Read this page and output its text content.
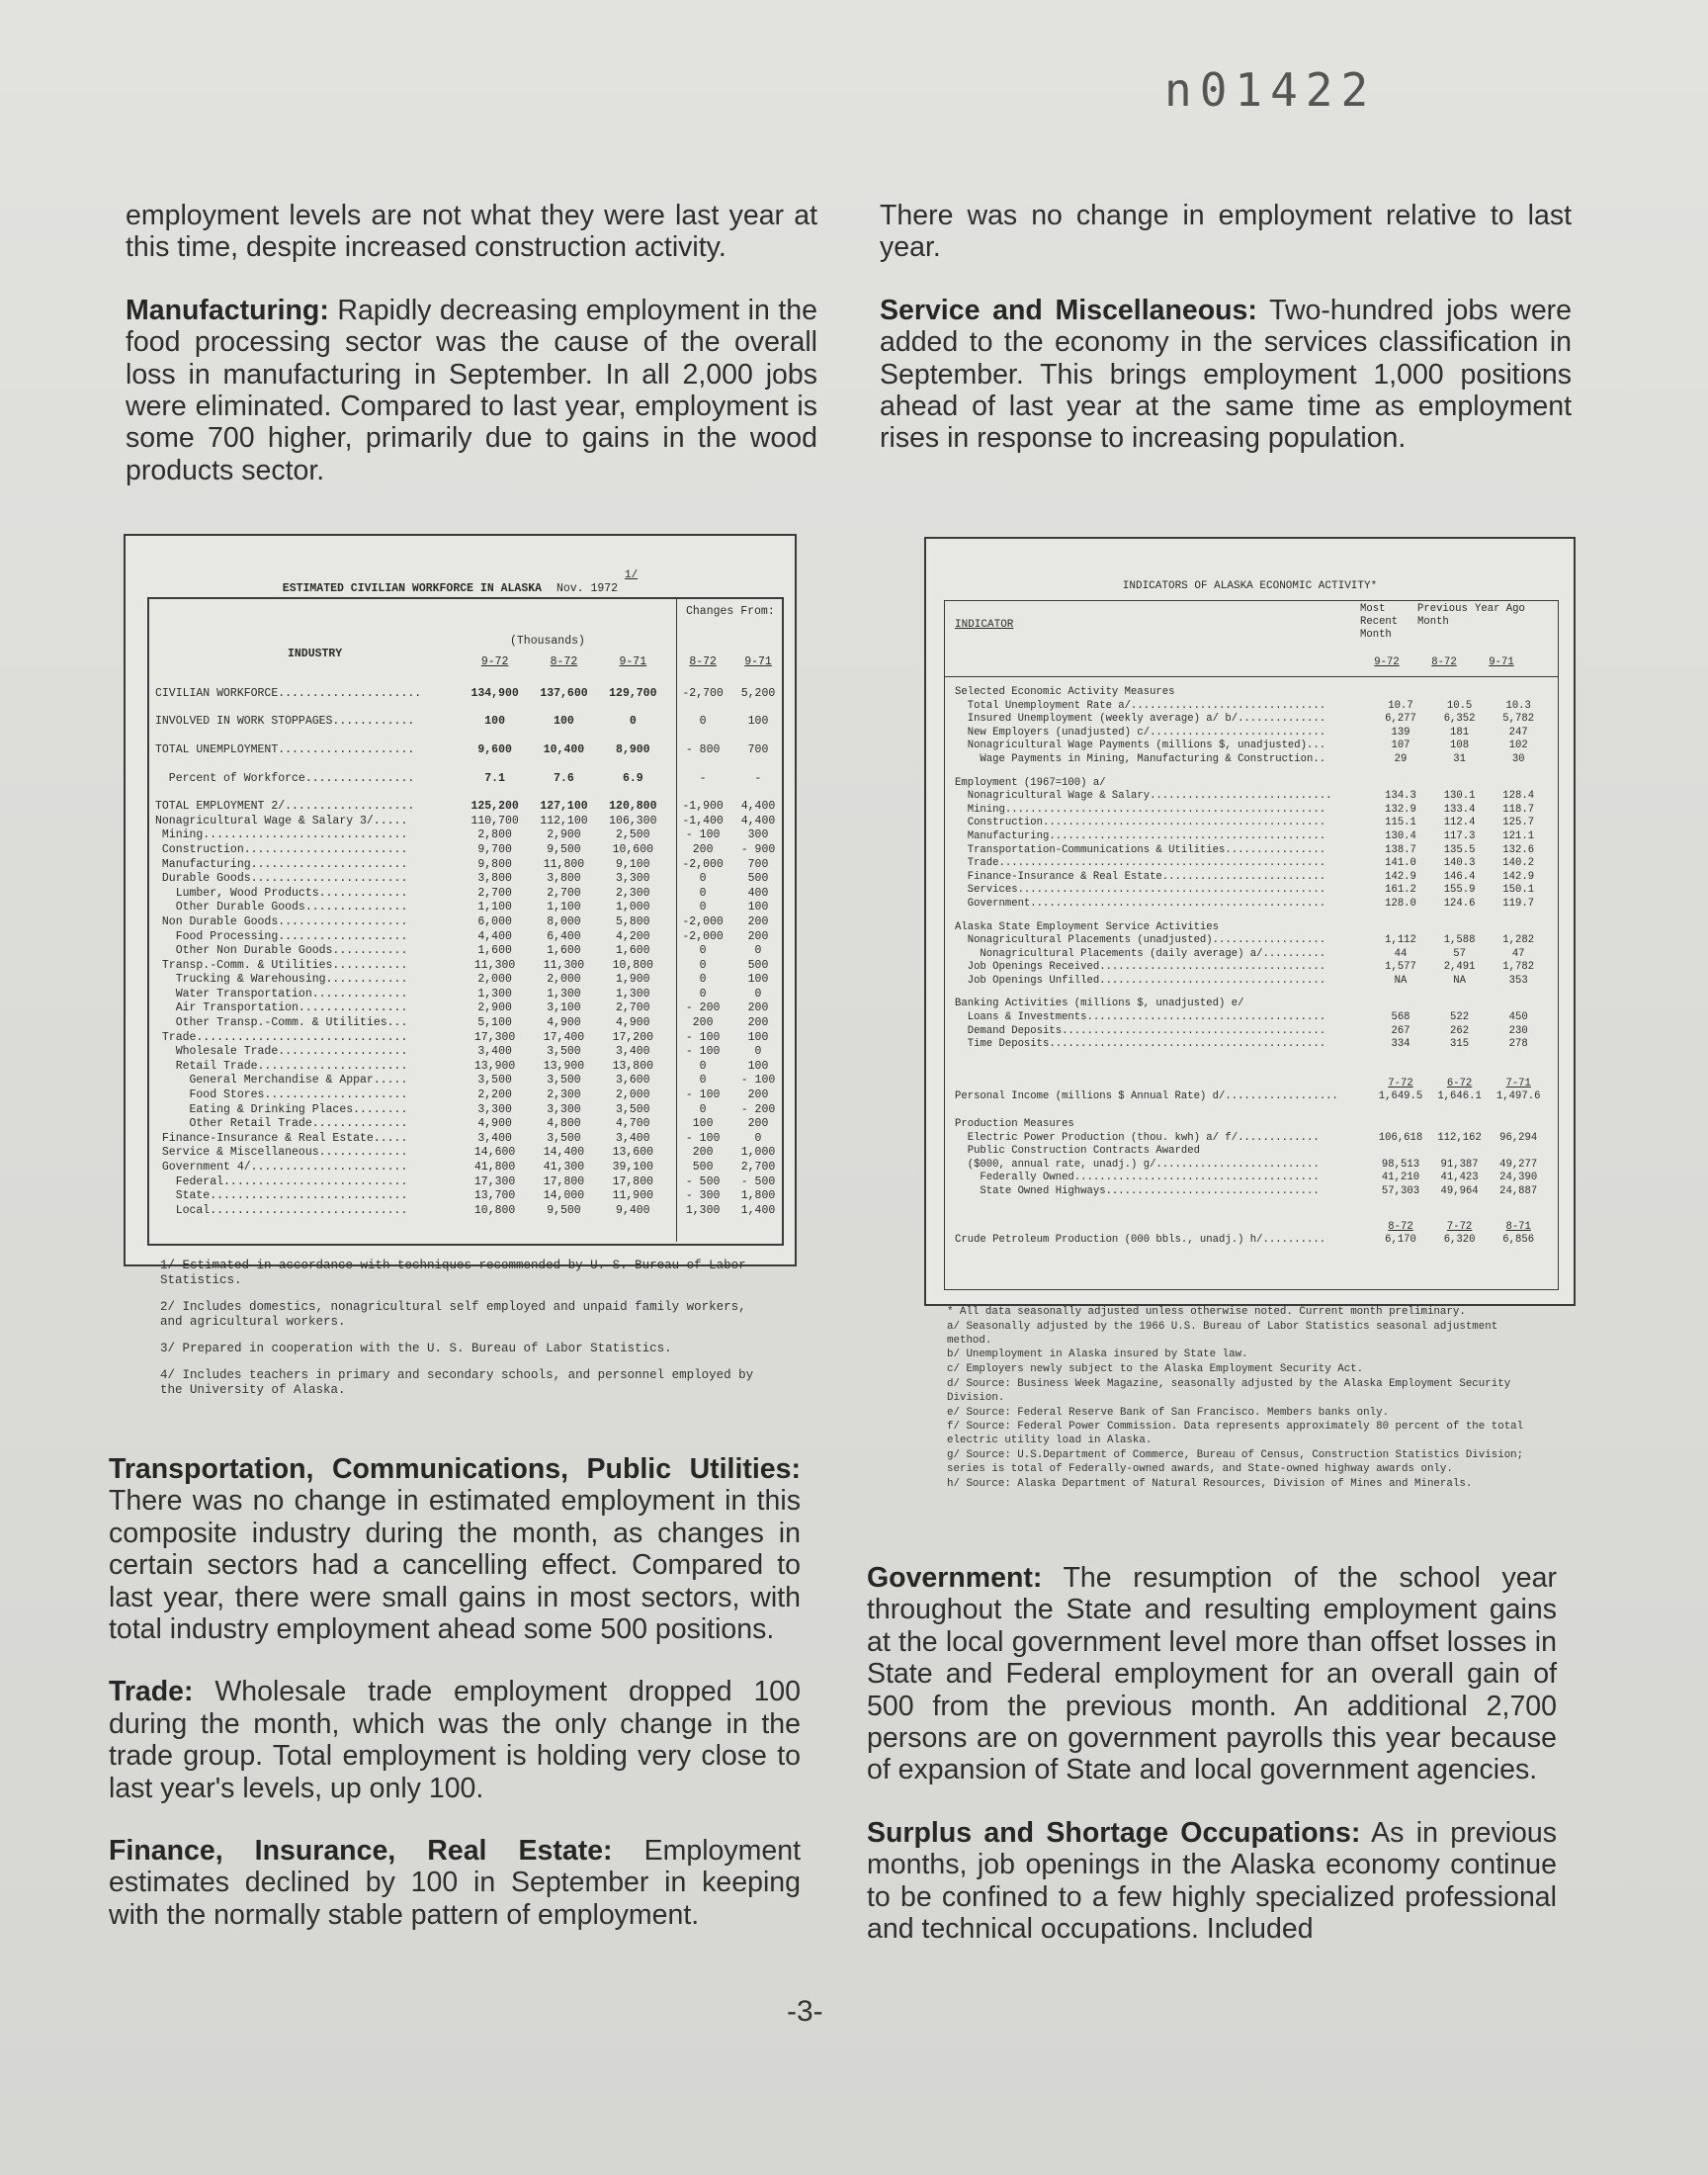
n01422

employment levels are not what they were last year at this time, despite increased construction activity.

Manufacturing: Rapidly decreasing employment in the food processing sector was the cause of the overall loss in manufacturing in September. In all 2,000 jobs were eliminated. Compared to last year, employment is some 700 higher, primarily due to gains in the wood products sector.

There was no change in employment relative to last year.

Service and Miscellaneous: Two-hundred jobs were added to the economy in the services classification in September. This brings employment 1,000 positions ahead of last year at the same time as employment rises in response to increasing population.

ESTIMATED CIVILIAN WORKFORCE IN ALASKA Nov. 1972 $^{1/}$
Changes From:
(Thousands)
INDUSTRY
	9-72	8-72	9-71	8-72	9-71
CIVILIAN WORKFORCE.....................	134,900	137,600	129,700	-2,700	5,200
INVOLVED IN WORK STOPPAGES............	100	100	0	0	100
TOTAL UNEMPLOYMENT....................	9,600	10,400	8,900	- 800	700
Percent of Workforce................	7.1	7.6	6.9	-	-
TOTAL EMPLOYMENT 2/...................	125,200	127,100	120,800	-1,900	4,400
Nonagricultural Wage & Salary 3/.....	110,700	112,100	106,300	-1,400	4,400
Mining..............................	2,800	2,900	2,500	- 100	300
Construction........................	9,700	9,500	10,600	200	- 900
Manufacturing.......................	9,800	11,800	9,100	-2,000	700
Durable Goods.......................	3,800	3,800	3,300	0	500
Lumber, Wood Products.............	2,700	2,700	2,300	0	400
Other Durable Goods...............	1,100	1,100	1,000	0	100
Non Durable Goods...................	6,000	8,000	5,800	-2,000	200
Food Processing...................	4,400	6,400	4,200	-2,000	200
Other Non Durable Goods...........	1,600	1,600	1,600	0	0
Transp.-Comm. & Utilities...........	11,300	11,300	10,800	0	500
Trucking & Warehousing............	2,000	2,000	1,900	0	100
Water Transportation..............	1,300	1,300	1,300	0	0
Air Transportation................	2,900	3,100	2,700	- 200	200
Other Transp.-Comm. & Utilities...	5,100	4,900	4,900	200	200
Trade...............................	17,300	17,400	17,200	- 100	100
Wholesale Trade...................	3,400	3,500	3,400	- 100	0
Retail Trade......................	13,900	13,900	13,800	0	100
General Merchandise & Appar.....	3,500	3,500	3,600	0	- 100
Food Stores.....................	2,200	2,300	2,000	- 100	200
Eating & Drinking Places........	3,300	3,300	3,500	0	- 200
Other Retail Trade..............	4,900	4,800	4,700	100	200
Finance-Insurance & Real Estate.....	3,400	3,500	3,400	- 100	0
Service & Miscellaneous.............	14,600	14,400	13,600	200	1,000
Government 4/.......................	41,800	41,300	39,100	500	2,700
Federal...........................	17,300	17,800	17,800	- 500	- 500
State.............................	13,700	14,000	11,900	- 300	1,800
Local.............................	10,800	9,500	9,400	1,300	1,400
1/ Estimated in accordance with techniques recommended by U. S. Bureau of Labor Statistics.
2/ Includes domestics, nonagricultural self employed and unpaid family workers, and agricultural workers.
3/ Prepared in cooperation with the U. S. Bureau of Labor Statistics.
4/ Includes teachers in primary and secondary schools, and personnel employed by the University of Alaska.
INDICATORS OF ALASKA ECONOMIC ACTIVITY*
INDICATOR
Most Recent Month
9-72
Previous Month
8-72
Year Ago
9-71
Selected Economic Activity Measures			
Total Unemployment Rate a/...............................	10.7	10.5	10.3
Insured Unemployment (weekly average) a/ b/..............	6,277	6,352	5,782
New Employers (unadjusted) c/............................	139	181	247
Nonagricultural Wage Payments (millions $, unadjusted)...	107	108	102
Wage Payments in Mining, Manufacturing & Construction..	29	31	30
Employment (1967=100) a/			
Nonagricultural Wage & Salary.............................	134.3	130.1	128.4
Mining...................................................	132.9	133.4	118.7
Construction.............................................	115.1	112.4	125.7
Manufacturing............................................	130.4	117.3	121.1
Transportation-Communications & Utilities................	138.7	135.5	132.6
Trade....................................................	141.0	140.3	140.2
Finance-Insurance & Real Estate..........................	142.9	146.4	142.9
Services.................................................	161.2	155.9	150.1
Government...............................................	128.0	124.6	119.7
Alaska State Employment Service Activities			
Nonagricultural Placements (unadjusted)..................	1,112	1,588	1,282
Nonagricultural Placements (daily average) a/..........	44	57	47
Job Openings Received....................................	1,577	2,491	1,782
Job Openings Unfilled....................................	NA	NA	353
Banking Activities (millions $, unadjusted) e/			
Loans & Investments......................................	568	522	450
Demand Deposits..........................................	267	262	230
Time Deposits............................................	334	315	278
	7-72	6-72	7-71
Personal Income (millions $ Annual Rate) d/..................	1,649.5	1,646.1	1,497.6
Production Measures			
Electric Power Production (thou. kwh) a/ f/.............	106,618	112,162	96,294
Public Construction Contracts Awarded			
($000, annual rate, unadj.) g/..........................	98,513	91,387	49,277
Federally Owned.......................................	41,210	41,423	24,390
State Owned Highways..................................	57,303	49,964	24,887
	8-72	7-72	8-71
Crude Petroleum Production (000 bbls., unadj.) h/..........	6,170	6,320	6,856
* All data seasonally adjusted unless otherwise noted. Current month preliminary.
a/ Seasonally adjusted by the 1966 U.S. Bureau of Labor Statistics seasonal adjustment method.
b/ Unemployment in Alaska insured by State law.
c/ Employers newly subject to the Alaska Employment Security Act.
d/ Source: Business Week Magazine, seasonally adjusted by the Alaska Employment Security Division.
e/ Source: Federal Reserve Bank of San Francisco. Members banks only.
f/ Source: Federal Power Commission. Data represents approximately 80 percent of the total electric utility load in Alaska.
g/ Source: U.S.Department of Commerce, Bureau of Census, Construction Statistics Division; series is total of Federally-owned awards, and State-owned highway awards only.
h/ Source: Alaska Department of Natural Resources, Division of Mines and Minerals.

Transportation, Communications, Public Utilities: There was no change in estimated employment in this composite industry during the month, as changes in certain sectors had a cancelling effect. Compared to last year, there were small gains in most sectors, with total industry employment ahead some 500 positions.

Trade: Wholesale trade employment dropped 100 during the month, which was the only change in the trade group. Total employment is holding very close to last year's levels, up only 100.

Finance, Insurance, Real Estate: Employment estimates declined by 100 in September in keeping with the normally stable pattern of employment.

Government: The resumption of the school year throughout the State and resulting employment gains at the local government level more than offset losses in State and Federal employment for an overall gain of 500 from the previous month. An additional 2,700 persons are on government payrolls this year because of expansion of State and local government agencies.

Surplus and Shortage Occupations: As in previous months, job openings in the Alaska economy continue to be confined to a few highly specialized professional and technical occupations. Included

-3-
